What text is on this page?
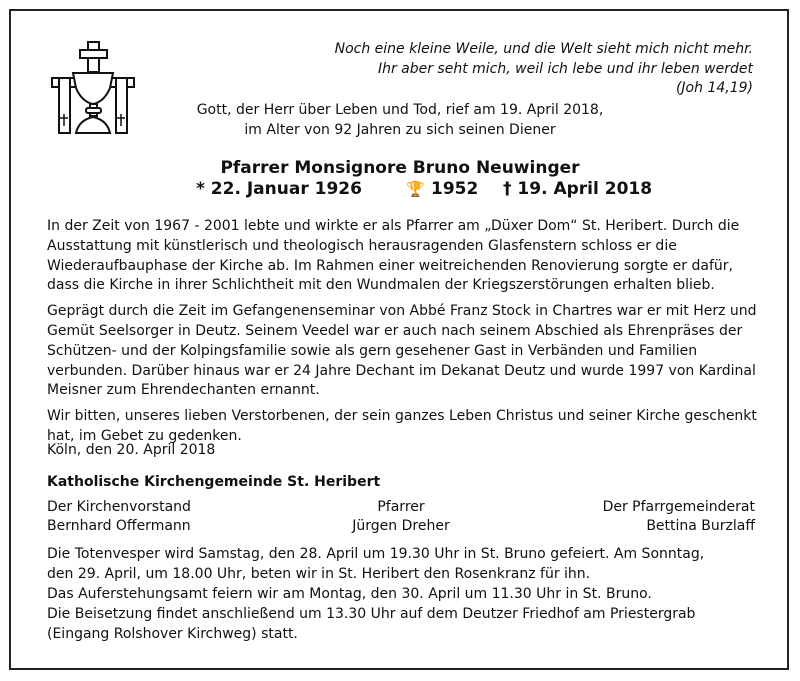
Noch eine kleine Weile, und die Welt sieht mich nicht mehr.
Ihr aber seht mich, weil ich lebe und ihr leben werdet
(Joh 14,19)
Gott, der Herr über Leben und Tod, rief am 19. April 2018,
im Alter von 92 Jahren zu sich seinen Diener
Pfarrer Monsignore Bruno Neuwinger
* 22. Januar 1926	🏆 1952 † 19. April 2018

In der Zeit von 1967 - 2001 lebte und wirkte er als Pfarrer am „Düxer Dom“ St. Heribert. Durch die Ausstattung mit künstlerisch und theologisch herausragenden Glasfenstern schloss er die Wiederaufbauphase der Kirche ab. Im Rahmen einer weitreichenden Renovierung sorgte er dafür, dass die Kirche in ihrer Schlichtheit mit den Wundmalen der Kriegszerstörungen erhalten blieb.

Geprägt durch die Zeit im Gefangenenseminar von Abbé Franz Stock in Chartres war er mit Herz und Gemüt Seelsorger in Deutz. Seinem Veedel war er auch nach seinem Abschied als Ehrenpräses der Schützen- und der Kolpingsfamilie sowie als gern gesehener Gast in Verbänden und Familien verbunden. Darüber hinaus war er 24 Jahre Dechant im Dekanat Deutz und wurde 1997 von Kardinal Meisner zum Ehrendechanten ernannt.

Wir bitten, unseres lieben Verstorbenen, der sein ganzes Leben Christus und seiner Kirche geschenkt hat, im Gebet zu gedenken.

Köln, den 20. April 2018
Katholische Kirchengemeinde St. Heribert
Der Kirchenvorstand	Pfarrer	Der Pfarrgemeinderat
Bernhard Offermann	Jürgen Dreher	Bettina Burzlaff
Die Totenvesper wird Samstag, den 28. April um 19.30 Uhr in St. Bruno gefeiert. Am Sonntag,
den 29. April, um 18.00 Uhr, beten wir in St. Heribert den Rosenkranz für ihn.
Das Auferstehungsamt feiern wir am Montag, den 30. April um 11.30 Uhr in St. Bruno.
Die Beisetzung findet anschließend um 13.30 Uhr auf dem Deutzer Friedhof am Priestergrab
(Eingang Rolshover Kirchweg) statt.
